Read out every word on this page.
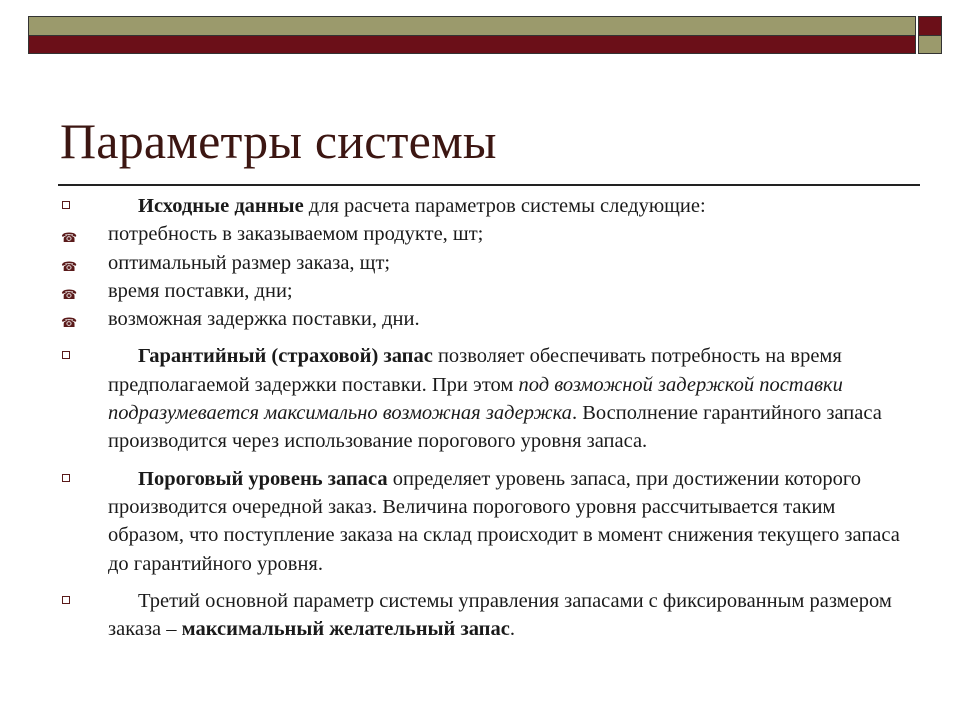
Параметры системы
Исходные данные для расчета параметров системы следующие:
☎ потребность в заказываемом продукте, шт;
☎ оптимальный размер заказа, щт;
☎ время поставки, дни;
☎ возможная задержка поставки, дни.
Гарантийный (страховой) запас позволяет обеспечивать потребность на время предполагаемой задержки поставки. При этом под возможной задержкой поставки подразумевается максимально возможная задержка. Восполнение гарантийного запаса производится через использование порогового уровня запаса.
Пороговый уровень запаса определяет уровень запаса, при достижении которого производится очередной заказ. Величина порогового уровня рассчитывается таким образом, что поступление заказа на склад происходит в момент снижения текущего запаса до гарантийного уровня.
Третий основной параметр системы управления запасами с фиксированным размером заказа – максимальный желательный запас.
